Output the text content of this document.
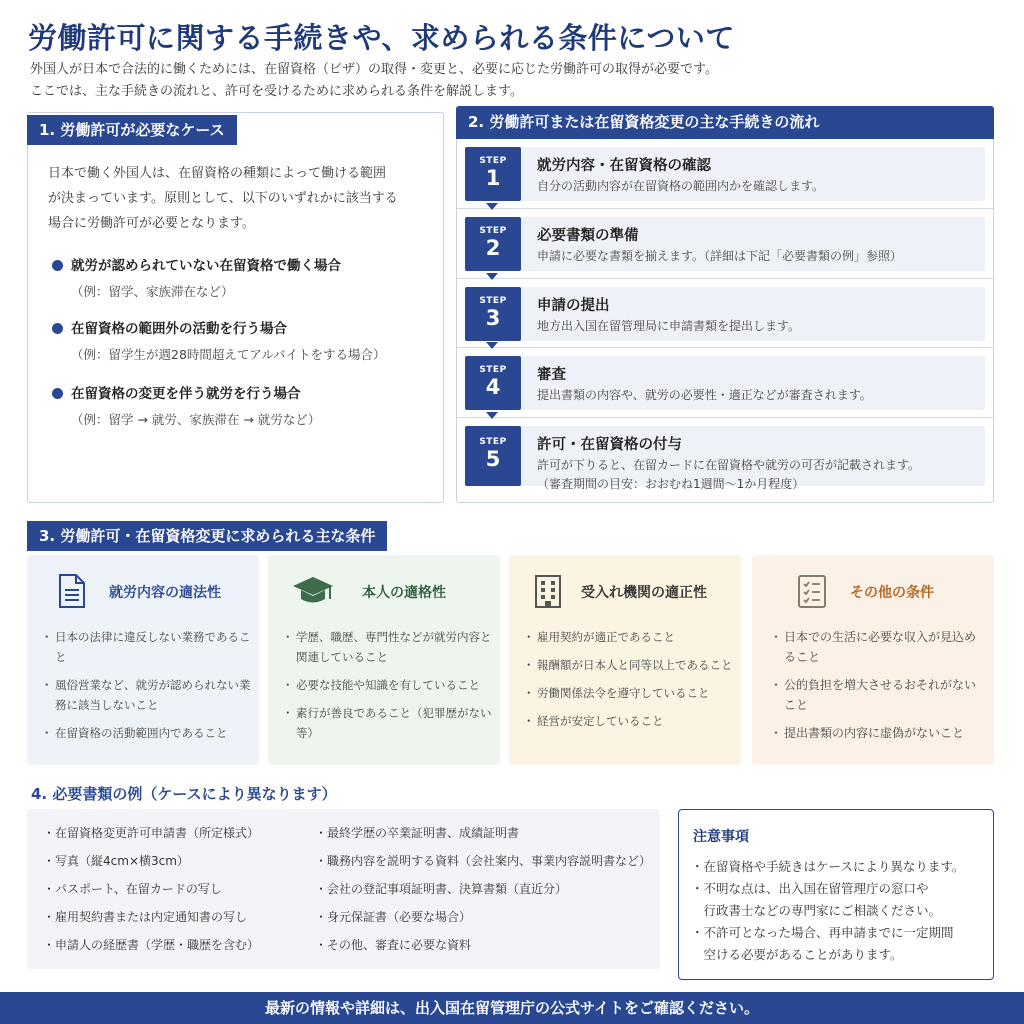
労働許可に関する手続きや、求められる条件について
外国人が日本で合法的に働くためには、在留資格（ビザ）の取得・変更と、必要に応じた労働許可の取得が必要です。
ここでは、主な手続きの流れと、許可を受けるために求められる条件を解説します。
1. 労働許可が必要なケース
日本で働く外国人は、在留資格の種類によって働ける範囲
が決まっています。原則として、以下のいずれかに該当する
場合に労働許可が必要となります。
就労が認められていない在留資格で働く場合
（例：留学、家族滞在など）
在留資格の範囲外の活動を行う場合
（例：留学生が週28時間超えてアルバイトをする場合）
在留資格の変更を伴う就労を行う場合
（例：留学 → 就労、家族滞在 → 就労など）
2. 労働許可または在留資格変更の主な手続きの流れ
STEP
1	就労内容・在留資格の確認
自分の活動内容が在留資格の範囲内かを確認します。
STEP
2	必要書類の準備
申請に必要な書類を揃えます。（詳細は下記「必要書類の例」参照）
STEP
3	申請の提出
地方出入国在留管理局に申請書類を提出します。
STEP
4	審査
提出書類の内容や、就労の必要性・適正などが審査されます。
STEP
5
許可・在留資格の付与
許可が下りると、在留カードに在留資格や就労の可否が記載されます。
（審査期間の目安：おおむね1週間～1か月程度）
3. 労働許可・在留資格変更に求められる主な条件
就労内容の適法性
・ 日本の法律に違反しない業務であること
・ 風俗営業など、就労が認められない業務に該当しないこと
・ 在留資格の活動範囲内であること
本人の適格性
・ 学歴、職歴、専門性などが就労内容と関連していること
・ 必要な技能や知識を有していること
・ 素行が善良であること（犯罪歴がない等）
受入れ機関の適正性
・ 雇用契約が適正であること
・ 報酬額が日本人と同等以上であること
・ 労働関係法令を遵守していること
・ 経営が安定していること
その他の条件
・ 日本での生活に必要な収入が見込めること
・ 公的負担を増大させるおそれがないこと
・ 提出書類の内容に虚偽がないこと
4. 必要書類の例（ケースにより異なります）
・在留資格変更許可申請書（所定様式）
・写真（縦4cm×横3cm）
・パスポート、在留カードの写し
・雇用契約書または内定通知書の写し
・申請人の経歴書（学歴・職歴を含む）
・最終学歴の卒業証明書、成績証明書
・職務内容を説明する資料（会社案内、事業内容説明書など）
・会社の登記事項証明書、決算書類（直近分）
・身元保証書（必要な場合）
・その他、審査に必要な資料
注意事項
・在留資格や手続きはケースにより異なります。
・不明な点は、出入国在留管理庁の窓口や
　行政書士などの専門家にご相談ください。
・不許可となった場合、再申請までに一定期間
　空ける必要があることがあります。
最新の情報や詳細は、出入国在留管理庁の公式サイトをご確認ください。
